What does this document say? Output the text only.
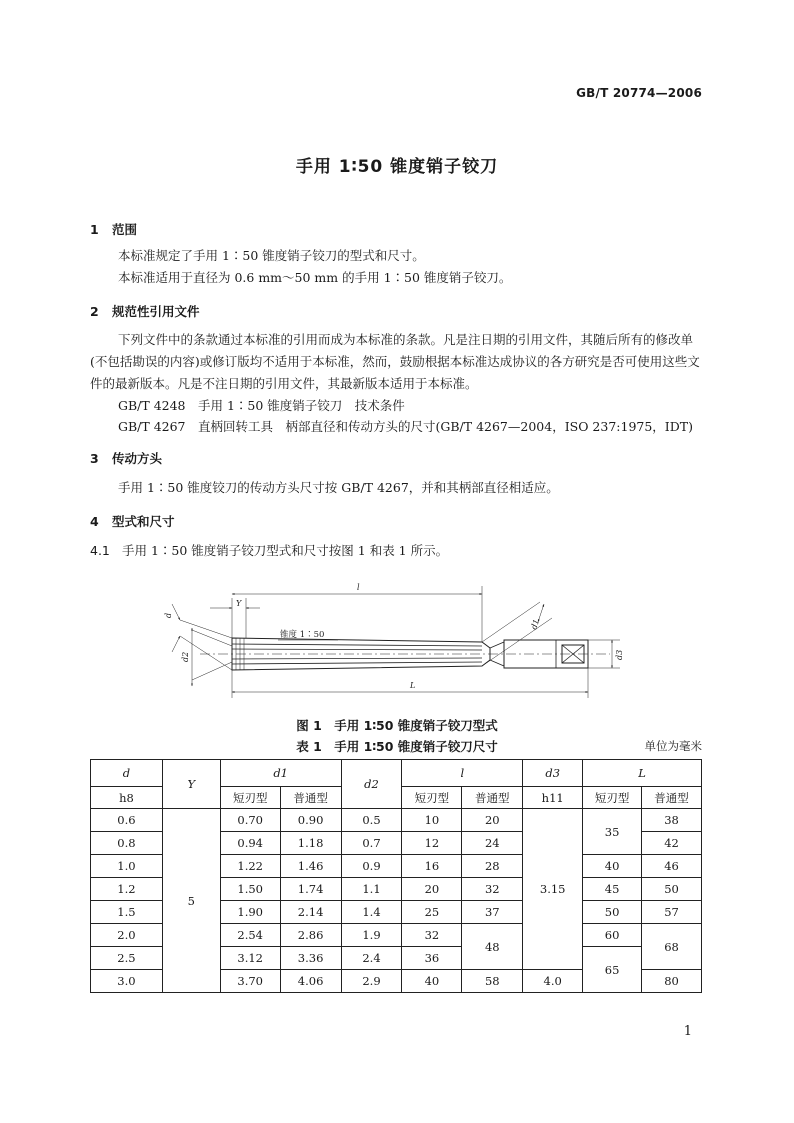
GB/T 20774—2006
手用 1∶50 锥度销子铰刀
1 范围
本标准规定了手用 1∶50 锥度销子铰刀的型式和尺寸。
本标准适用于直径为 0.6 mm～50 mm 的手用 1∶50 锥度销子铰刀。
2 规范性引用文件
下列文件中的条款通过本标准的引用而成为本标准的条款。凡是注日期的引用文件，其随后所有的修改单(不包括勘误的内容)或修订版均不适用于本标准，然而，鼓励根据本标准达成协议的各方研究是否可使用这些文件的最新版本。凡是不注日期的引用文件，其最新版本适用于本标准。
GB/T 4248　手用 1∶50 锥度销子铰刀　技术条件
GB/T 4267　直柄回转工具　柄部直径和传动方头的尺寸(GB/T 4267—2004，ISO 237:1975，IDT)
3 传动方头
手用 1∶50 锥度铰刀的传动方头尺寸按 GB/T 4267，并和其柄部直径相适应。
4 型式和尺寸
4.1 手用 1∶50 锥度销子铰刀型式和尺寸按图 1 和表 1 所示。
l
L
Y
d
d2
d1
d3
锥度 1∶50
图 1　手用 1∶50 锥度销子铰刀型式
表 1　手用 1∶50 锥度销子铰刀尺寸	单位为毫米
d	Y	d1		d2	l		d3	L	
h8		短刃型	普通型		短刃型	普通型	h11	短刃型	普通型
0.6	5	0.70	0.90	0.5	10	20	3.15	35	38
0.8		0.94	1.18	0.7	12	24			42
1.0		1.22	1.46	0.9	16	28		40	46
1.2		1.50	1.74	1.1	20	32		45	50
1.5		1.90	2.14	1.4	25	37		50	57
2.0		2.54	2.86	1.9	32	48		60	68
2.5		3.12	3.36	2.4	36			65	
3.0		3.70	4.06	2.9	40	58	4.0		80
1
